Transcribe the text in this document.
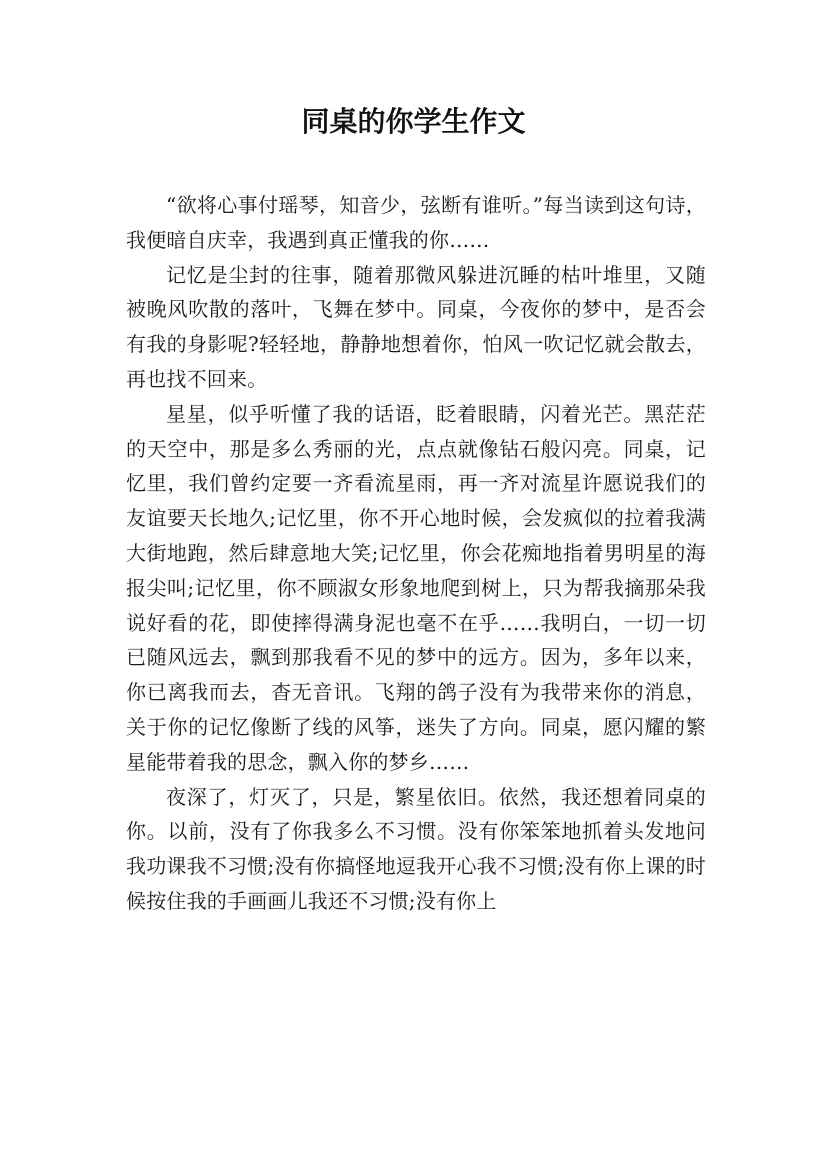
同桌的你学生作文

“欲将心事付瑶琴，知音少，弦断有谁听。”每当读到这句诗，我便暗自庆幸，我遇到真正懂我的你……

记忆是尘封的往事，随着那微风躲进沉睡的枯叶堆里，又随被晚风吹散的落叶，飞舞在梦中。同桌，今夜你的梦中，是否会有我的身影呢?轻轻地，静静地想着你，怕风一吹记忆就会散去，再也找不回来。

星星，似乎听懂了我的话语，眨着眼睛，闪着光芒。黑茫茫的天空中，那是多么秀丽的光，点点就像钻石般闪亮。同桌，记忆里，我们曾约定要一齐看流星雨，再一齐对流星许愿说我们的友谊要天长地久;记忆里，你不开心地时候，会发疯似的拉着我满大街地跑，然后肆意地大笑;记忆里，你会花痴地指着男明星的海报尖叫;记忆里，你不顾淑女形象地爬到树上，只为帮我摘那朵我说好看的花，即使摔得满身泥也毫不在乎……我明白，一切一切已随风远去，飘到那我看不见的梦中的远方。因为，多年以来，你已离我而去，杳无音讯。飞翔的鸽子没有为我带来你的消息，关于你的记忆像断了线的风筝，迷失了方向。同桌，愿闪耀的繁星能带着我的思念，飘入你的梦乡……

夜深了，灯灭了，只是，繁星依旧。依然，我还想着同桌的你。以前，没有了你我多么不习惯。没有你笨笨地抓着头发地问我功课我不习惯;没有你搞怪地逗我开心我不习惯;没有你上课的时候按住我的手画画儿我还不习惯;没有你上
